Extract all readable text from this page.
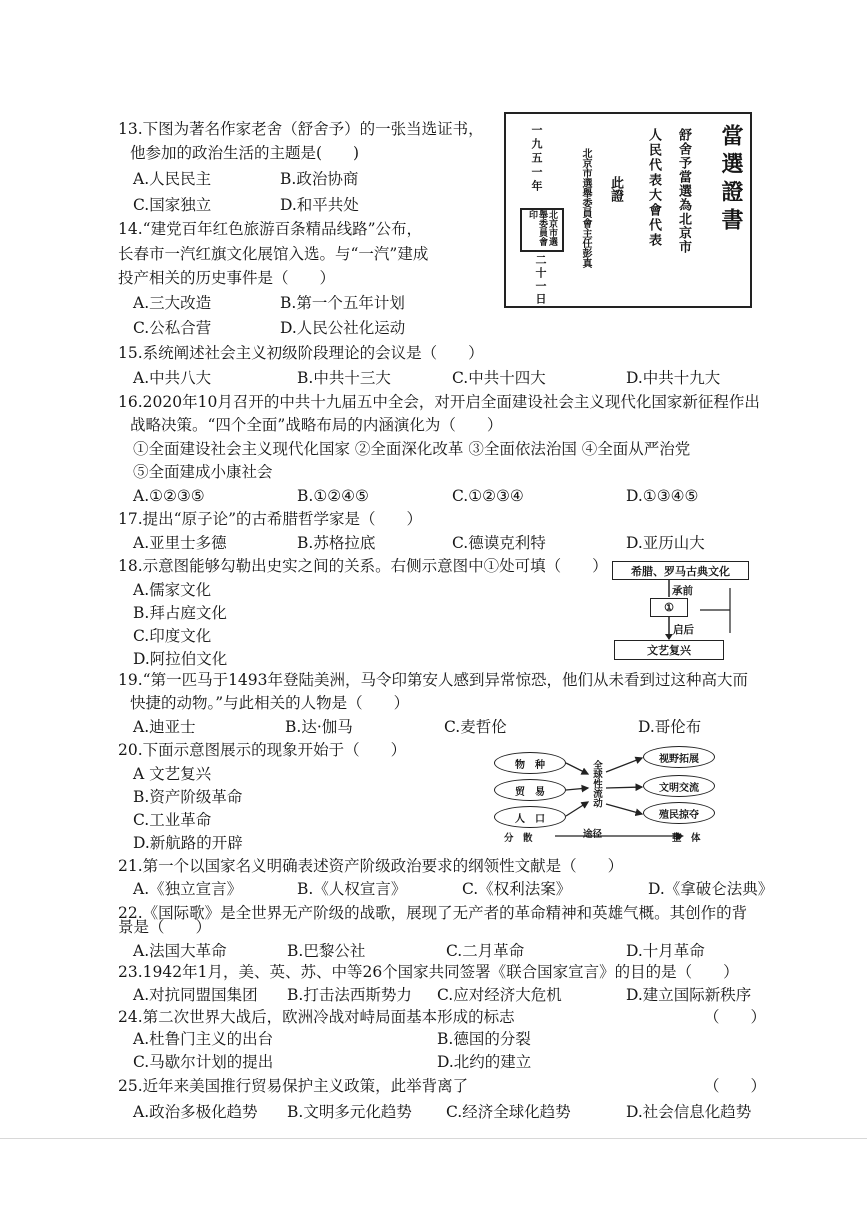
13.下图为著名作家老舍（舒舍予）的一张当选证书，
他参加的政治生活的主题是(　　)
A.人民民主	B.政治协商
C.国家独立	D.和平共处	當選證書
舒舍予當選為北京市
人民代表大會代表
此證
北京市選舉委員會主任彭真
一九五一年
二十一日
北京市選舉委員會印
14.“建党百年红色旅游百条精品线路”公布，
长春市一汽红旗文化展馆入选。与“一汽”建成
投产相关的历史事件是（　　）
A.三大改造	B.第一个五年计划
C.公私合营	D.人民公社化运动
15.系统阐述社会主义初级阶段理论的会议是（　　）
A.中共八大	B.中共十三大	C.中共十四大	D.中共十九大
16.2020年10月召开的中共十九届五中全会，对开启全面建设社会主义现代化国家新征程作出
战略决策。“四个全面”战略布局的内涵演化为（　　）
①全面建设社会主义现代化国家 ②全面深化改革 ③全面依法治国 ④全面从严治党
⑤全面建成小康社会
A.①②③⑤	B.①②④⑤	C.①②③④	D.①③④⑤
17.提出“原子论”的古希腊哲学家是（　　）
A.亚里士多德	B.苏格拉底	C.德谟克利特	D.亚历山大
18.示意图能够勾勒出史实之间的关系。右侧示意图中①处可填（　　）
A.儒家文化
B.拜占庭文化
C.印度文化
D.阿拉伯文化
希腊、罗马古典文化
①
文艺复兴
承前
启后
19.“第一匹马于1493年登陆美洲，马令印第安人感到异常惊恐，他们从未看到过这种高大而
快捷的动物。”与此相关的人物是（　　）
A.迪亚士	B.达·伽马	C.麦哲伦	D.哥伦布
20.下面示意图展示的现象开始于（　　）
A 文艺复兴
B.资产阶级革命
C.工业革命
D.新航路的开辟
物　种
贸　易
人　口
全球性流动
视野拓展
文明交流
殖民掠夺
分　散	途径	整　体
21.第一个以国家名义明确表述资产阶级政治要求的纲领性文献是（　　）
A.《独立宣言》	B.《人权宣言》	C.《权利法案》	D.《拿破仑法典》
22.《国际歌》是全世界无产阶级的战歌，展现了无产者的革命精神和英雄气概。其创作的背
景是（　　）
A.法国大革命	B.巴黎公社	C.二月革命	D.十月革命
23.1942年1月，美、英、苏、中等26个国家共同签署《联合国家宣言》的目的是（　　）
A.对抗同盟国集团 B.打击法西斯势力 C.应对经济大危机	D.建立国际新秩序
24.第二次世界大战后，欧洲冷战对峙局面基本形成的标志	（　　）
A.杜鲁门主义的出台	B.德国的分裂
C.马歇尔计划的提出	D.北约的建立
25.近年来美国推行贸易保护主义政策，此举背离了	（　　）
A.政治多极化趋势 B.文明多元化趋势 C.经济全球化趋势	D.社会信息化趋势
